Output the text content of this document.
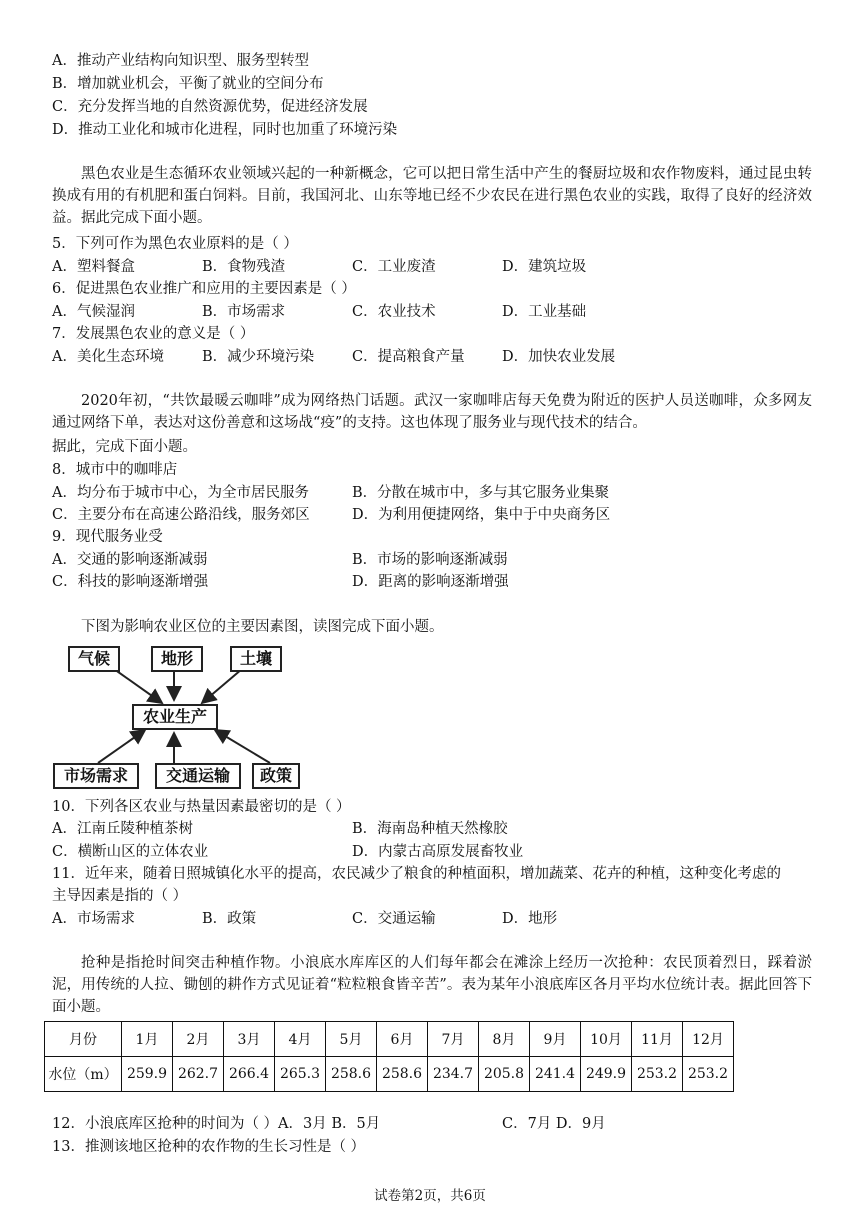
A．推动产业结构向知识型、服务型转型
B．增加就业机会，平衡了就业的空间分布
C．充分发挥当地的自然资源优势，促进经济发展
D．推动工业化和城市化进程，同时也加重了环境污染
黑色农业是生态循环农业领域兴起的一种新概念，它可以把日常生活中产生的餐厨垃圾和农作物废料，通过昆虫转换成有用的有机肥和蛋白饲料。目前，我国河北、山东等地已经不少农民在进行黑色农业的实践，取得了良好的经济效益。据此完成下面小题。
5．下列可作为黑色农业原料的是（ ）
A．塑料餐盒	B．食物残渣	C．工业废渣	D．建筑垃圾
6．促进黑色农业推广和应用的主要因素是（ ）
A．气候湿润	B．市场需求	C．农业技术	D．工业基础
7．发展黑色农业的意义是（ ）
A．美化生态环境	B．减少环境污染	C．提高粮食产量	D．加快农业发展
2020年初，“共饮最暖云咖啡”成为网络热门话题。武汉一家咖啡店每天免费为附近的医护人员送咖啡，众多网友通过网络下单，表达对这份善意和这场战“疫”的支持。这也体现了服务业与现代技术的结合。
据此，完成下面小题。
8．城市中的咖啡店
A．均分布于城市中心，为全市居民服务	B．分散在城市中，多与其它服务业集聚
C．主要分布在高速公路沿线，服务郊区	D．为利用便捷网络，集中于中央商务区
9．现代服务业受
A．交通的影响逐渐减弱	B．市场的影响逐渐减弱
C．科技的影响逐渐增强	D．距离的影响逐渐增强
下图为影响农业区位的主要因素图，读图完成下面小题。
气候	地形	土壤
农业生产
市场需求	交通运输	政策
10．下列各区农业与热量因素最密切的是（ ）
A．江南丘陵种植茶树	B．海南岛种植天然橡胶
C．横断山区的立体农业	D．内蒙古高原发展畜牧业
11．近年来，随着日照城镇化水平的提高，农民减少了粮食的种植面积，增加蔬菜、花卉的种植，这种变化考虑的
主导因素是指的（ ）
A．市场需求	B．政策	C．交通运输	D．地形
抢种是指抢时间突击种植作物。小浪底水库库区的人们每年都会在滩涂上经历一次抢种：农民顶着烈日，踩着淤泥，用传统的人拉、锄刨的耕作方式见证着“粒粒粮食皆辛苦”。表为某年小浪底库区各月平均水位统计表。据此回答下面小题。
月份	1月	2月	3月	4月	5月	6月	7月	8月	9月	10月	11月	12月
水位（m）	259.9	262.7	266.4	265.3	258.6	258.6	234.7	205.8	241.4	249.9	253.2	253.2
12．小浪底库区抢种的时间为（ ）A．3月 B．5月	C．7月 D．9月
13．推测该地区抢种的农作物的生长习性是（ ）
试卷第2页，共6页
